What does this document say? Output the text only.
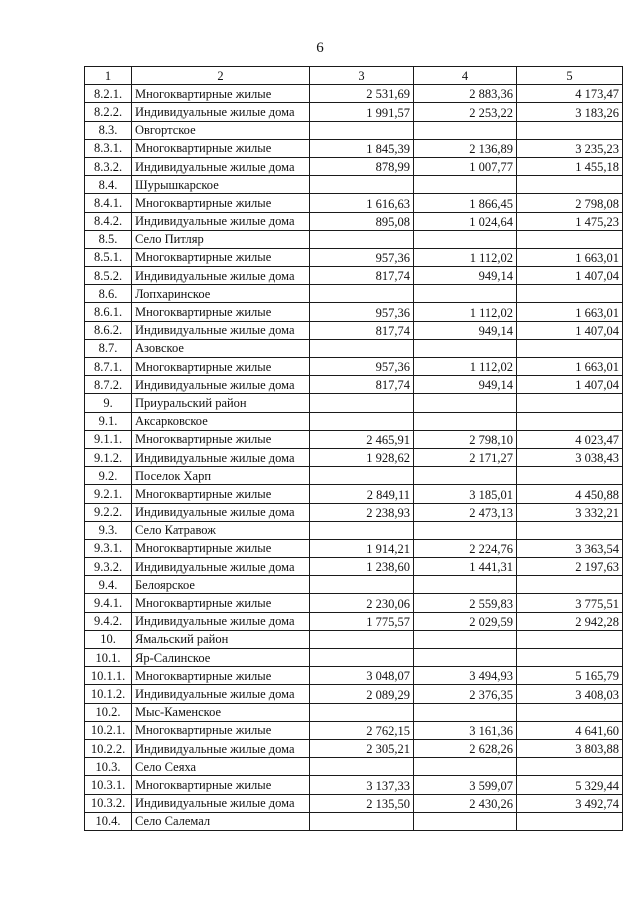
6
1	2	3	4	5
8.2.1.	Многоквартирные жилые	2 531,69	2 883,36	4 173,47
8.2.2.	Индивидуальные жилые дома	1 991,57	2 253,22	3 183,26
8.3.	Овгортское			
8.3.1.	Многоквартирные жилые	1 845,39	2 136,89	3 235,23
8.3.2.	Индивидуальные жилые дома	878,99	1 007,77	1 455,18
8.4.	Шурышкарское			
8.4.1.	Многоквартирные жилые	1 616,63	1 866,45	2 798,08
8.4.2.	Индивидуальные жилые дома	895,08	1 024,64	1 475,23
8.5.	Село Питляр			
8.5.1.	Многоквартирные жилые	957,36	1 112,02	1 663,01
8.5.2.	Индивидуальные жилые дома	817,74	949,14	1 407,04
8.6.	Лопхаринское			
8.6.1.	Многоквартирные жилые	957,36	1 112,02	1 663,01
8.6.2.	Индивидуальные жилые дома	817,74	949,14	1 407,04
8.7.	Азовское			
8.7.1.	Многоквартирные жилые	957,36	1 112,02	1 663,01
8.7.2.	Индивидуальные жилые дома	817,74	949,14	1 407,04
9.	Приуральский район			
9.1.	Аксарковское			
9.1.1.	Многоквартирные жилые	2 465,91	2 798,10	4 023,47
9.1.2.	Индивидуальные жилые дома	1 928,62	2 171,27	3 038,43
9.2.	Поселок Харп			
9.2.1.	Многоквартирные жилые	2 849,11	3 185,01	4 450,88
9.2.2.	Индивидуальные жилые дома	2 238,93	2 473,13	3 332,21
9.3.	Село Катравож			
9.3.1.	Многоквартирные жилые	1 914,21	2 224,76	3 363,54
9.3.2.	Индивидуальные жилые дома	1 238,60	1 441,31	2 197,63
9.4.	Белоярское			
9.4.1.	Многоквартирные жилые	2 230,06	2 559,83	3 775,51
9.4.2.	Индивидуальные жилые дома	1 775,57	2 029,59	2 942,28
10.	Ямальский район			
10.1.	Яр-Салинское			
10.1.1.	Многоквартирные жилые	3 048,07	3 494,93	5 165,79
10.1.2.	Индивидуальные жилые дома	2 089,29	2 376,35	3 408,03
10.2.	Мыс-Каменское			
10.2.1.	Многоквартирные жилые	2 762,15	3 161,36	4 641,60
10.2.2.	Индивидуальные жилые дома	2 305,21	2 628,26	3 803,88
10.3.	Село Сеяха			
10.3.1.	Многоквартирные жилые	3 137,33	3 599,07	5 329,44
10.3.2.	Индивидуальные жилые дома	2 135,50	2 430,26	3 492,74
10.4.	Село Салемал			
